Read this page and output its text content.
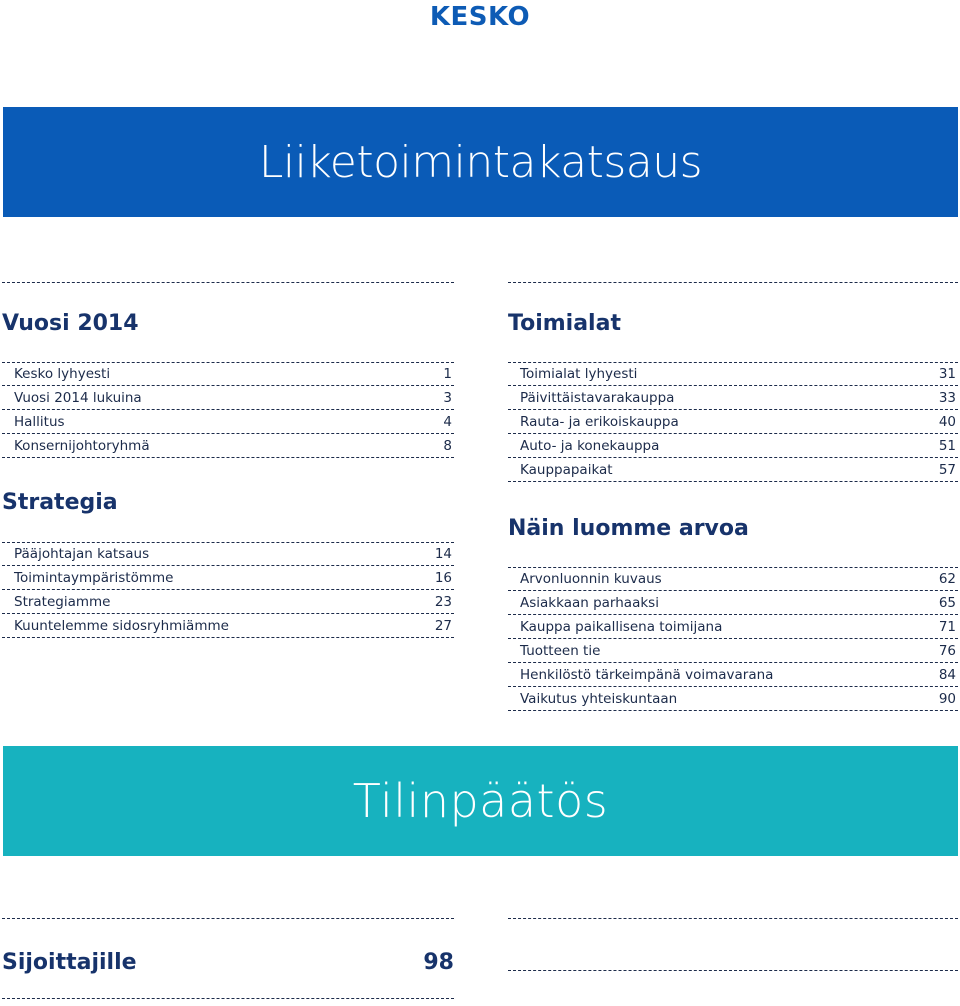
KESKO
Liiketoimintakatsaus
Vuosi 2014
Kesko lyhyesti	1
Vuosi 2014 lukuina	3
Hallitus	4
Konsernijohtoryhmä	8
Strategia
Pääjohtajan katsaus	14
Toimintaympäristömme	16
Strategiamme	23
Kuuntelemme sidosryhmiämme	27
Toimialat
Toimialat lyhyesti	31
Päivittäistavarakauppa	33
Rauta- ja erikoiskauppa	40
Auto- ja konekauppa	51
Kauppapaikat	57
Näin luomme arvoa
Arvonluonnin kuvaus	62
Asiakkaan parhaaksi	65
Kauppa paikallisena toimijana	71
Tuotteen tie	76
Henkilöstö tärkeimpänä voimavarana	84
Vaikutus yhteiskuntaan	90
Tilinpäätös
Sijoittajille	98
